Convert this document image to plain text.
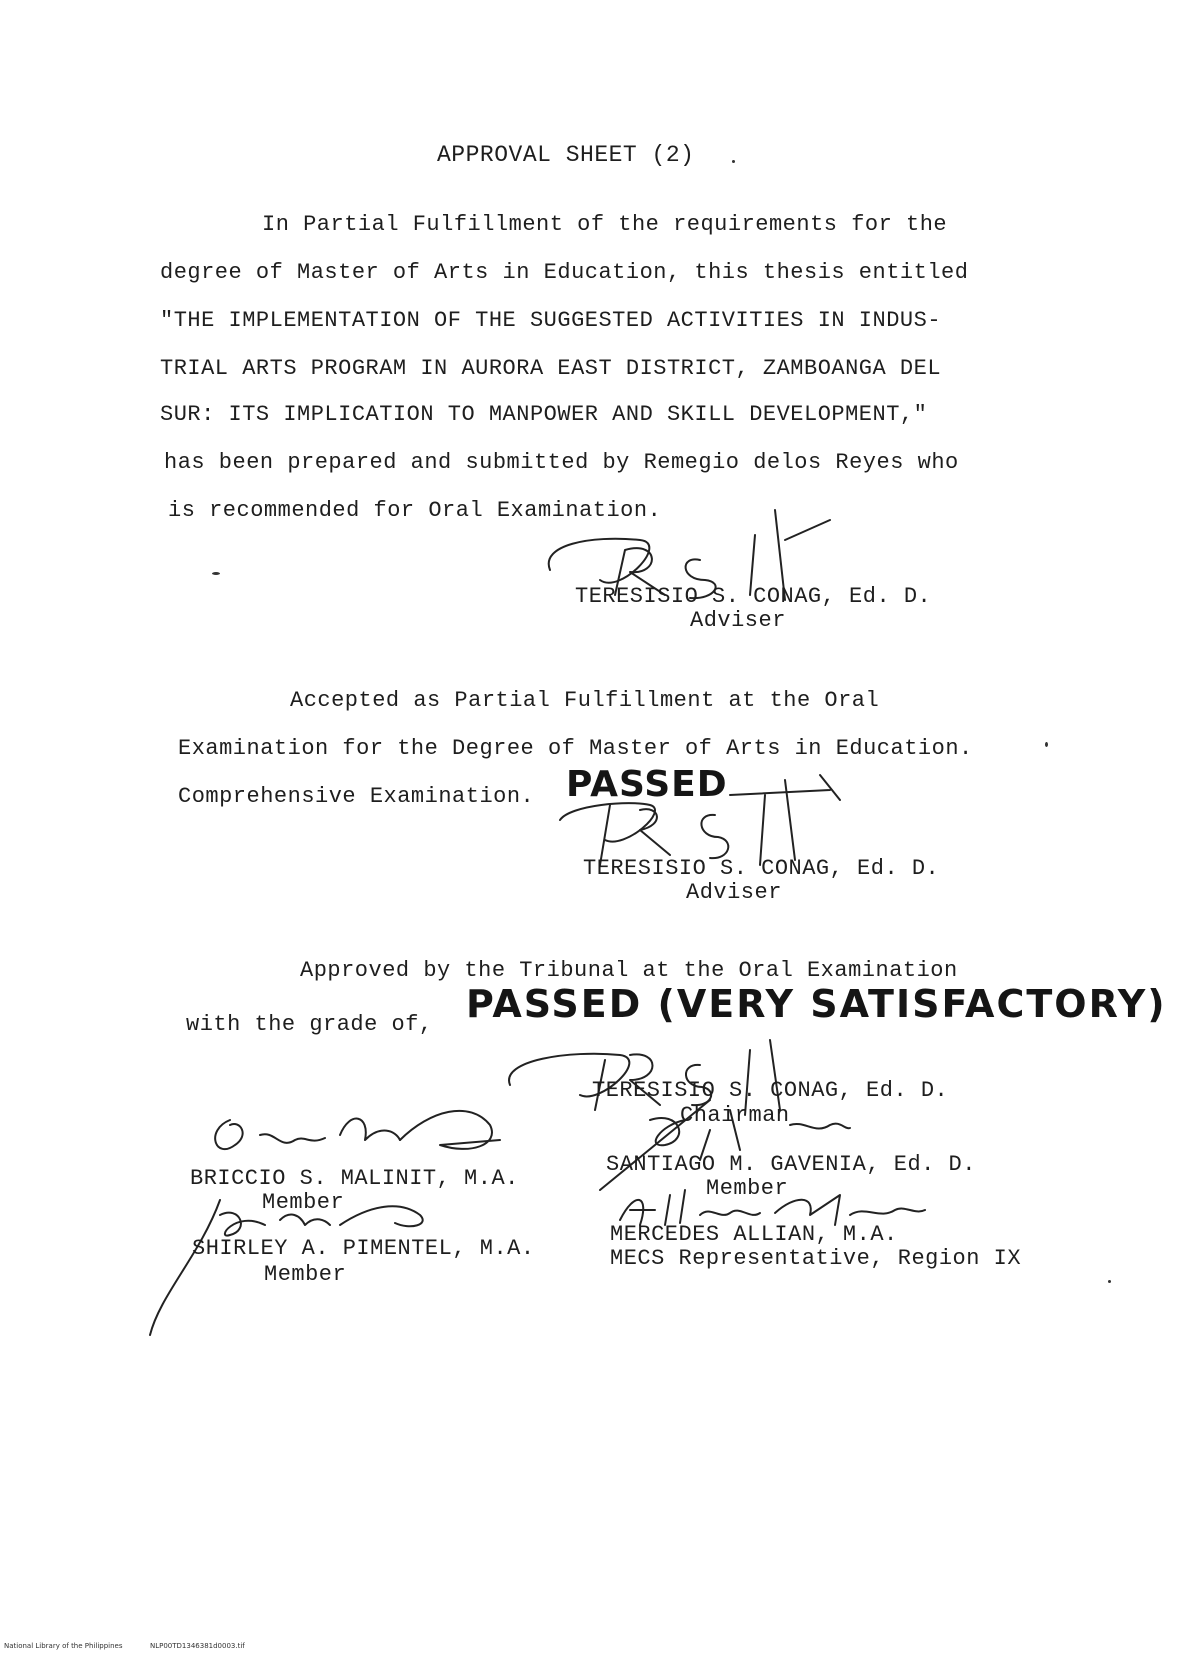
APPROVAL SHEET (2)
In Partial Fulfillment of the requirements for the
degree of Master of Arts in Education, this thesis entitled
"THE IMPLEMENTATION OF THE SUGGESTED ACTIVITIES IN INDUS-
TRIAL ARTS PROGRAM IN AURORA EAST DISTRICT, ZAMBOANGA DEL
SUR: ITS IMPLICATION TO MANPOWER AND SKILL DEVELOPMENT,"
has been prepared and submitted by Remegio delos Reyes who
is recommended for Oral Examination.
TERESISIO S. CONAG, Ed. D.
Adviser
Accepted as Partial Fulfillment at the Oral
Examination for the Degree of Master of Arts in Education.
Comprehensive Examination. PASSED
TERESISIO S. CONAG, Ed. D.
Adviser
Approved by the Tribunal at the Oral Examination
with the grade of, PASSED (VERY SATISFACTORY)
TERESISIO S. CONAG, Ed. D.
Chairman
BRICCIO S. MALINIT, M.A.
Member
SANTIAGO M. GAVENIA, Ed. D.
Member
SHIRLEY A. PIMENTEL, M.A.
Member
MERCEDES ALLIAN, M.A.
MECS Representative, Region IX
National Library of the Philippines	NLP00TD1346381d0003.tif
